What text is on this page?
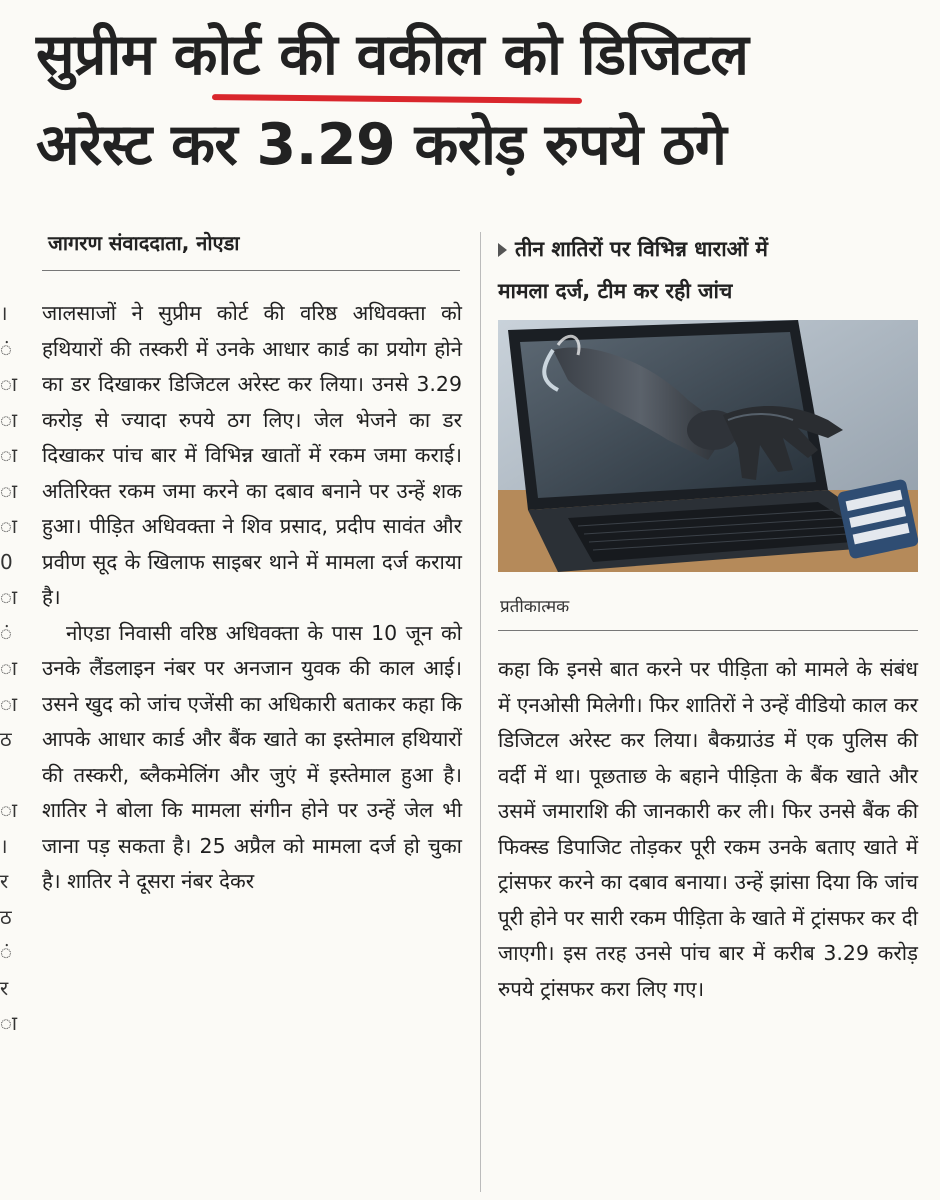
सुप्रीम कोर्ट की वकील को डिजिटल
अरेस्ट कर 3.29 करोड़ रुपये ठगे
जागरण संवाददाता, नोएडा
।
ं
ा
ा
ा
ा
ा
0
ा
ं
ा
ा
ठ
ा
।
र
ठ
ं
र
ा

जालसाजों ने सुप्रीम कोर्ट की वरिष्ठ अधिवक्ता को हथियारों की तस्करी में उनके आधार कार्ड का प्रयोग होने का डर दिखाकर डिजिटल अरेस्ट कर लिया। उनसे 3.29 करोड़ से ज्यादा रुपये ठग लिए। जेल भेजने का डर दिखाकर पांच बार में विभिन्न खातों में रकम जमा कराई। अतिरिक्त रकम जमा करने का दबाव बनाने पर उन्हें शक हुआ। पीड़ित अधिवक्ता ने शिव प्रसाद, प्रदीप सावंत और प्रवीण सूद के खिलाफ साइबर थाने में मामला दर्ज कराया है।

नोएडा निवासी वरिष्ठ अधिवक्ता के पास 10 जून को उनके लैंडलाइन नंबर पर अनजान युवक की काल आई। उसने खुद को जांच एजेंसी का अधिकारी बताकर कहा कि आपके आधार कार्ड और बैंक खाते का इस्तेमाल हथियारों की तस्करी, ब्लैकमेलिंग और जुएं में इस्तेमाल हुआ है। शातिर ने बोला कि मामला संगीन होने पर उन्हें जेल भी जाना पड़ सकता है। 25 अप्रैल को मामला दर्ज हो चुका है। शातिर ने दूसरा नंबर देकर

तीन शातिरों पर विभिन्न धाराओं में
मामला दर्ज, टीम कर रही जांच
प्रतीकात्मक

कहा कि इनसे बात करने पर पीड़िता को मामले के संबंध में एनओसी मिलेगी। फिर शातिरों ने उन्हें वीडियो काल कर डिजिटल अरेस्ट कर लिया। बैकग्राउंड में एक पुलिस की वर्दी में था। पूछताछ के बहाने पीड़िता के बैंक खाते और उसमें जमाराशि की जानकारी कर ली। फिर उनसे बैंक की फिक्स्ड डिपाजिट तोड़कर पूरी रकम उनके बताए खाते में ट्रांसफर करने का दबाव बनाया। उन्हें झांसा दिया कि जांच पूरी होने पर सारी रकम पीड़िता के खाते में ट्रांसफर कर दी जाएगी। इस तरह उनसे पांच बार में करीब 3.29 करोड़ रुपये ट्रांसफर करा लिए गए।
